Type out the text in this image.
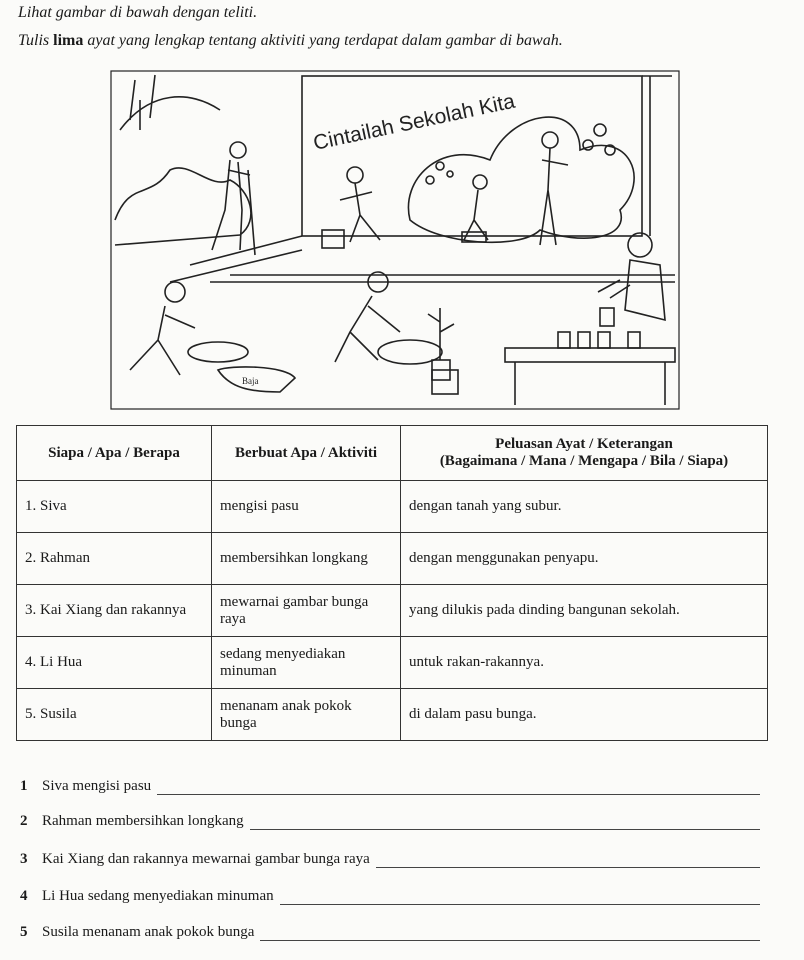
Lihat gambar di bawah dengan teliti.
Tulis lima ayat yang lengkap tentang aktiviti yang terdapat dalam gambar di bawah.
Cintailah Sekolah Kita
Baja
Siapa / Apa / Berapa	Berbuat Apa / Aktiviti	Peluasan Ayat / Keterangan
(Bagaimana / Mana / Mengapa / Bila / Siapa)

1. Siva	mengisi pasu	dengan tanah yang subur.
2. Rahman	membersihkan longkang	dengan menggunakan penyapu.
3. Kai Xiang dan rakannya	mewarnai gambar bunga raya	yang dilukis pada dinding bangunan sekolah.
4. Li Hua	sedang menyediakan minuman	untuk rakan-rakannya.
5. Susila	menanam anak pokok bunga	di dalam pasu bunga.
1 Siva mengisi pasu
2 Rahman membersihkan longkang
3 Kai Xiang dan rakannya mewarnai gambar bunga raya
4 Li Hua sedang menyediakan minuman
5 Susila menanam anak pokok bunga
